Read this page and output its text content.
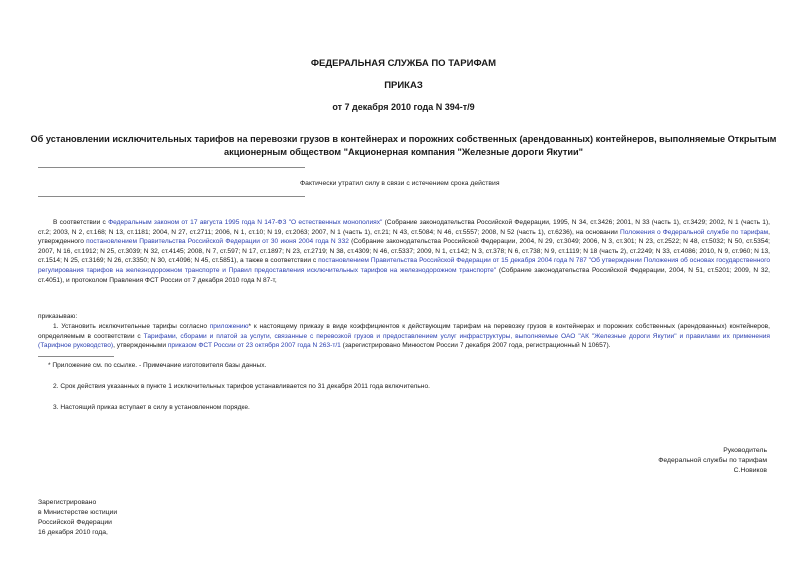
ФЕДЕРАЛЬНАЯ СЛУЖБА ПО ТАРИФАМ
ПРИКАЗ
от 7 декабря 2010 года N 394-т/9
Об установлении исключительных тарифов на перевозки грузов в контейнерах и порожних собственных (арендованных) контейнеров, выполняемые Открытым акционерным обществом "Акционерная компания "Железные дороги Якутии"
Фактически утратил силу в связи с истечением срока действия
В соответствии с Федеральным законом от 17 августа 1995 года N 147-ФЗ "О естественных монополиях" (Собрание законодательства Российской Федерации, 1995, N 34, ст.3426; 2001, N 33 (часть 1), ст.3429; 2002, N 1 (часть 1), ст.2; 2003, N 2, ст.168; N 13, ст.1181; 2004, N 27, ст.2711; 2006, N 1, ст.10; N 19, ст.2063; 2007, N 1 (часть 1), ст.21; N 43, ст.5084; N 46, ст.5557; 2008, N 52 (часть 1), ст.6236), на основании Положения о Федеральной службе по тарифам, утвержденного постановлением Правительства Российской Федерации от 30 июня 2004 года N 332 (Собрание законодательства Российской Федерации, 2004, N 29, ст.3049; 2006, N 3, ст.301; N 23, ст.2522; N 48, ст.5032; N 50, ст.5354; 2007, N 16, ст.1912; N 25, ст.3039; N 32, ст.4145; 2008, N 7, ст.597; N 17, ст.1897; N 23, ст.2719; N 38, ст.4309; N 46, ст.5337; 2009, N 1, ст.142; N 3, ст.378; N 6, ст.738; N 9, ст.1119; N 18 (часть 2), ст.2249; N 33, ст.4086; 2010, N 9, ст.960; N 13, ст.1514; N 25, ст.3169; N 26, ст.3350; N 30, ст.4096; N 45, ст.5851), а также в соответствии с постановлением Правительства Российской Федерации от 15 декабря 2004 года N 787 "Об утверждении Положения об основах государственного регулирования тарифов на железнодорожном транспорте и Правил предоставления исключительных тарифов на железнодорожном транспорте" (Собрание законодательства Российской Федерации, 2004, N 51, ст.5201; 2009, N 32, ст.4051), и протоколом Правления ФСТ России от 7 декабря 2010 года N 87-т,
приказываю:
1. Установить исключительные тарифы согласно приложению* к настоящему приказу в виде коэффициентов к действующим тарифам на перевозку грузов в контейнерах и порожних собственных (арендованных) контейнеров, определяемым в соответствии с Тарифами, сборами и платой за услуги, связанные с перевозкой грузов и предоставлением услуг инфраструктуры, выполняемые ОАО "АК "Железные дороги Якутии" и правилами их применения (Тарифное руководство), утвержденными приказом ФСТ России от 23 октября 2007 года N 263-т/1 (зарегистрировано Минюстом России 7 декабря 2007 года, регистрационный N 10657).
* Приложение см. по ссылке. - Примечание изготовителя базы данных.
2. Срок действия указанных в пункте 1 исключительных тарифов устанавливается по 31 декабря 2011 года включительно.
3. Настоящий приказ вступает в силу в установленном порядке.
Руководитель
Федеральной службы по тарифам
С.Новиков
Зарегистрировано
в Министерстве юстиции
Российской Федерации
16 декабря 2010 года,
